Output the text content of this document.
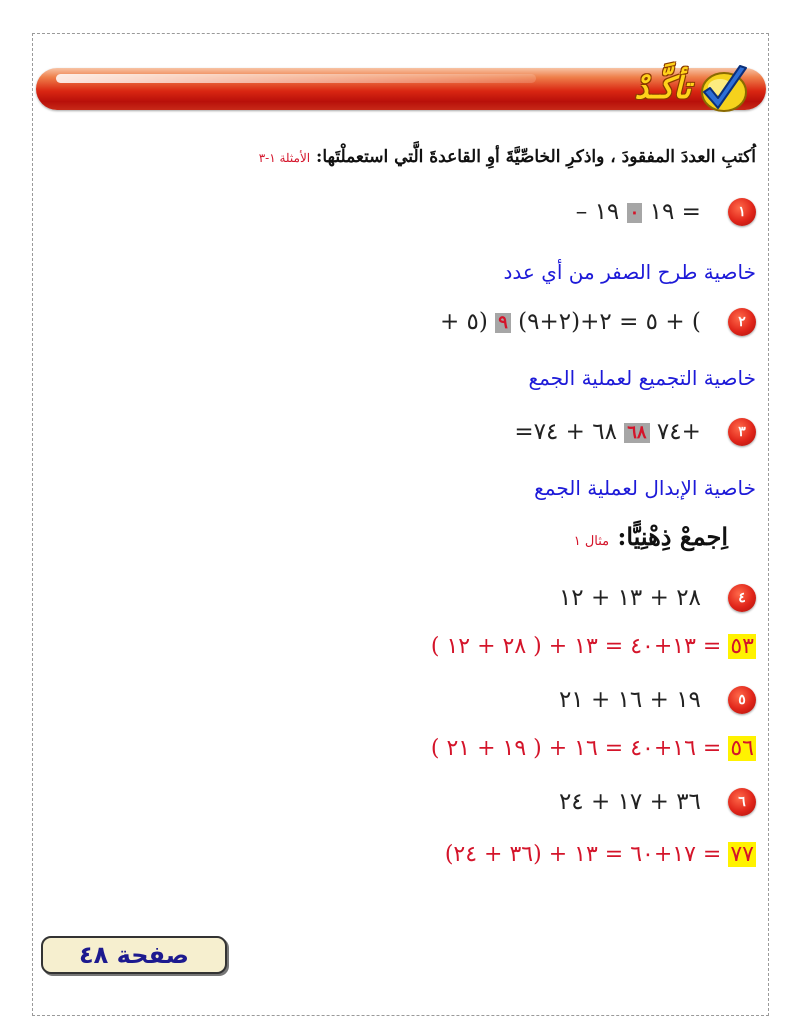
تأكَّـدْ
اُكتبِ العددَ المفقودَ ، واذكرِ الخاصِّيَّةَ أوِ القاعدةَ الَّتي استعملْتَها: الأمثلة ١-٣
١ ١٩ = ٠ – ١٩
خاصية طرح الصفر من أي عدد
٢ (٢+٩)+٥ = ٢ + ( ٩ + ٥)
خاصية التجميع لعملية الجمع
٣ ٧٤+ ٦٨ =٦٨ + ٧٤
خاصية الإبدال لعملية الجمع
اِجمعْ ذِهْنِيًّا: مثال ١
٤ ٢٨ + ١٣ + ١٢
٥٣ = ١٣+٤٠ = ١٣ + ( ٢٨ + ١٢ )
٥ ١٩ + ١٦ + ٢١
٥٦ = ١٦+٤٠ = ١٦ + ( ١٩ + ٢١ )
٦ ٣٦ + ١٧ + ٢٤
٧٧ = ١٧+٦٠ = ١٣ + (٣٦ + ٢٤)
صفحة ٤٨
